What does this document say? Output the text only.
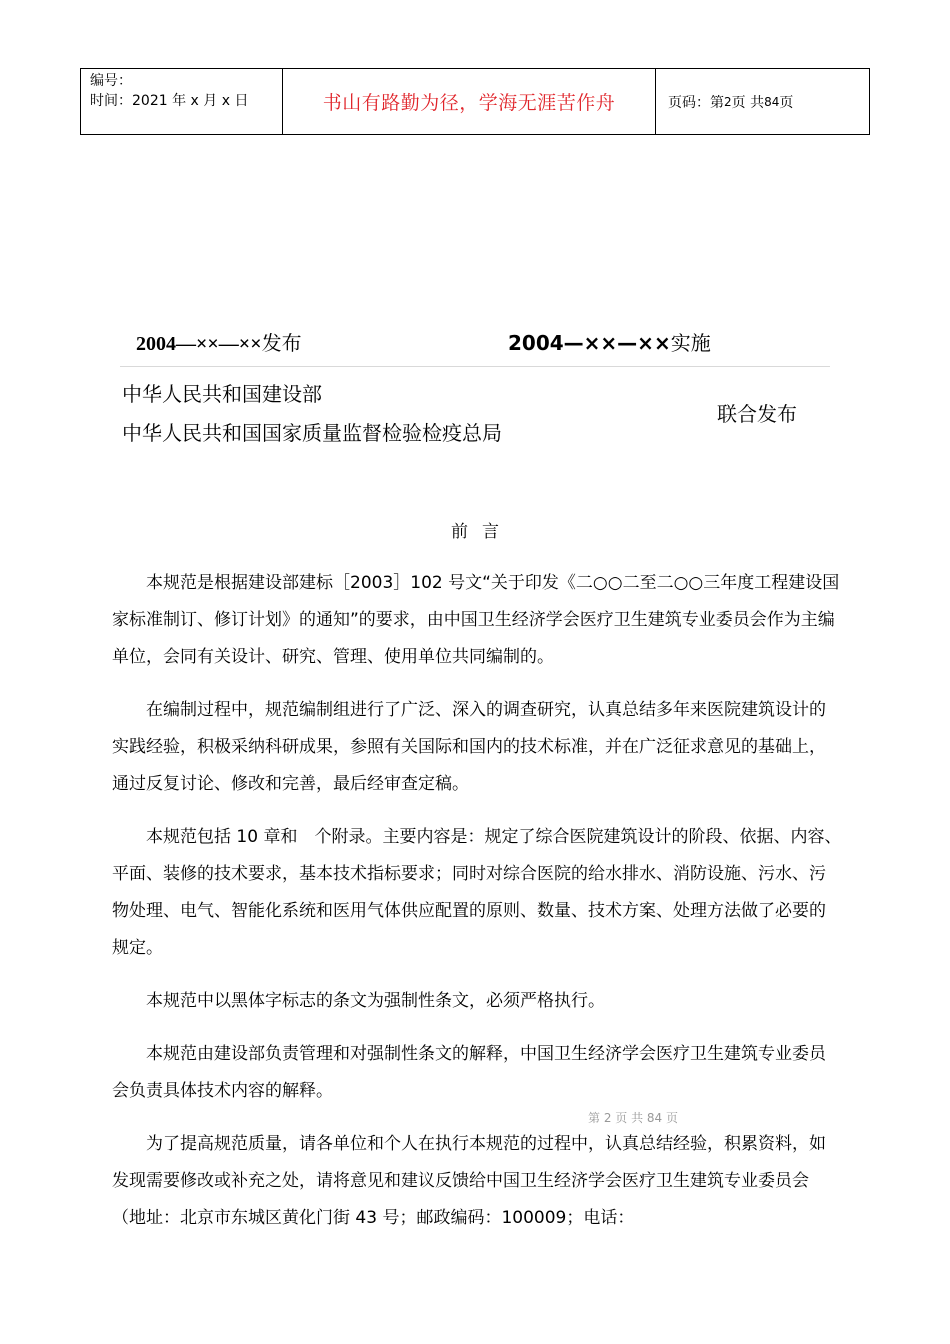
编号：
时间：2021 年 x 月 x 日	书山有路勤为径，学海无涯苦作舟	页码：第 2 页 共 84 页
2004—××—××发布	2004—××—××实施
中华人民共和国建设部
中华人民共和国国家质量监督检验检疫总局
联合发布
前言

本规范是根据建设部建标［2003］102 号文“关于印发《二○○二至二○○三年度工程建设国家标准制订、修订计划》的通知”的要求，由中国卫生经济学会医疗卫生建筑专业委员会作为主编单位，会同有关设计、研究、管理、使用单位共同编制的。

在编制过程中，规范编制组进行了广泛、深入的调查研究，认真总结多年来医院建筑设计的实践经验，积极采纳科研成果，参照有关国际和国内的技术标准，并在广泛征求意见的基础上，通过反复讨论、修改和完善，最后经审查定稿。

本规范包括 10 章和　个附录。主要内容是：规定了综合医院建筑设计的阶段、依据、内容、平面、装修的技术要求，基本技术指标要求；同时对综合医院的给水排水、消防设施、污水、污物处理、电气、智能化系统和医用气体供应配置的原则、数量、技术方案、处理方法做了必要的规定。

本规范中以黑体字标志的条文为强制性条文，必须严格执行。

本规范由建设部负责管理和对强制性条文的解释，中国卫生经济学会医疗卫生建筑专业委员会负责具体技术内容的解释。

为了提高规范质量，请各单位和个人在执行本规范的过程中，认真总结经验，积累资料，如发现需要修改或补充之处，请将意见和建议反馈给中国卫生经济学会医疗卫生建筑专业委员会（地址：北京市东城区黄化门街 43 号；邮政编码：100009；电话：

第 2 页 共 84 页
